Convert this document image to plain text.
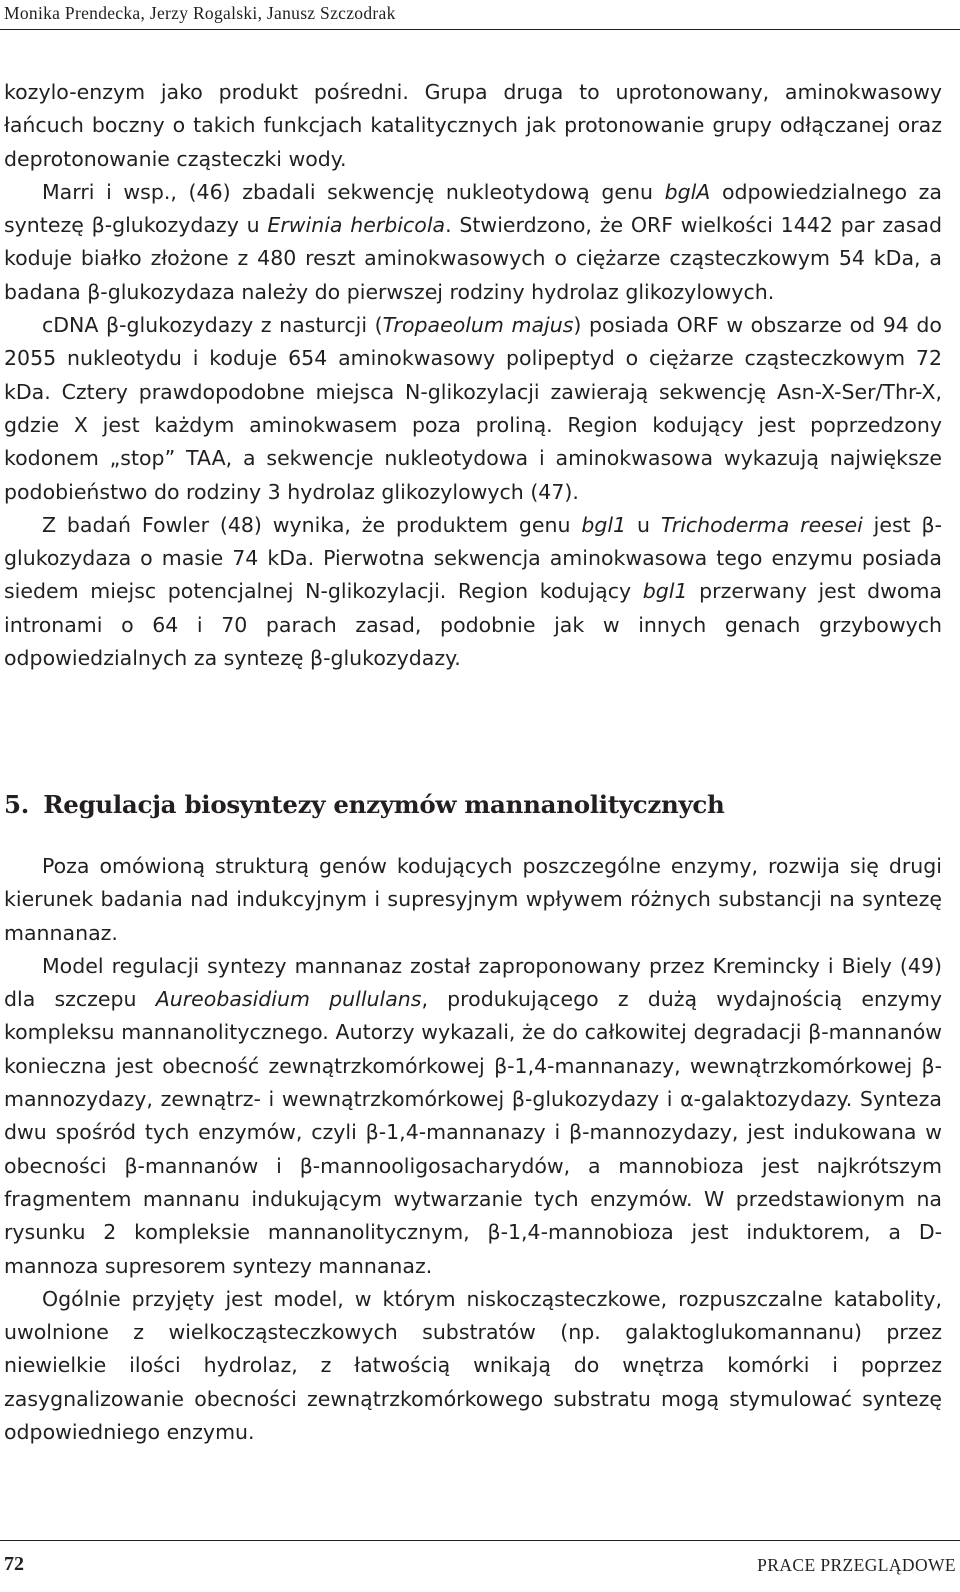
Monika Prendecka, Jerzy Rogalski, Janusz Szczodrak

kozylo-enzym jako produkt pośredni. Grupa druga to uprotonowany, aminokwasowy łańcuch boczny o takich funkcjach katalitycznych jak protonowanie grupy odłączanej oraz deprotonowanie cząsteczki wody.

Marri i wsp., (46) zbadali sekwencję nukleotydową genu bglA odpowiedzialnego za syntezę β-glukozydazy u Erwinia herbicola. Stwierdzono, że ORF wielkości 1442 par zasad koduje białko złożone z 480 reszt aminokwasowych o ciężarze cząsteczkowym 54 kDa, a badana β-glukozydaza należy do pierwszej rodziny hydrolaz glikozylowych.

cDNA β-glukozydazy z nasturcji (Tropaeolum majus) posiada ORF w obszarze od 94 do 2055 nukleotydu i koduje 654 aminokwasowy polipeptyd o ciężarze cząsteczkowym 72 kDa. Cztery prawdopodobne miejsca N-glikozylacji zawierają sekwencję Asn-X-Ser/Thr-X, gdzie X jest każdym aminokwasem poza proliną. Region kodujący jest poprzedzony kodonem „stop” TAA, a sekwencje nukleotydowa i aminokwasowa wykazują największe podobieństwo do rodziny 3 hydrolaz glikozylowych (47).

Z badań Fowler (48) wynika, że produktem genu bgl1 u Trichoderma reesei jest β-glukozydaza o masie 74 kDa. Pierwotna sekwencja aminokwasowa tego enzymu posiada siedem miejsc potencjalnej N-glikozylacji. Region kodujący bgl1 przerwany jest dwoma intronami o 64 i 70 parach zasad, podobnie jak w innych genach grzybowych odpowiedzialnych za syntezę β-glukozydazy.

5. Regulacja biosyntezy enzymów mannanolitycznych

Poza omówioną strukturą genów kodujących poszczególne enzymy, rozwija się drugi kierunek badania nad indukcyjnym i supresyjnym wpływem różnych substancji na syntezę mannanaz.

Model regulacji syntezy mannanaz został zaproponowany przez Kremincky i Biely (49) dla szczepu Aureobasidium pullulans, produkującego z dużą wydajnością enzymy kompleksu mannanolitycznego. Autorzy wykazali, że do całkowitej degradacji β-mannanów konieczna jest obecność zewnątrzkomórkowej β-1,4-mannanazy, wewnątrzkomórkowej β-mannozydazy, zewnątrz- i wewnątrzkomórkowej β-glukozydazy i α-galaktozydazy. Synteza dwu spośród tych enzymów, czyli β-1,4-mannanazy i β-mannozydazy, jest indukowana w obecności β-mannanów i β-mannooligosacharydów, a mannobioza jest najkrótszym fragmentem mannanu indukującym wytwarzanie tych enzymów. W przedstawionym na rysunku 2 kompleksie mannanolitycznym, β-1,4-mannobioza jest induktorem, a D-mannoza supresorem syntezy mannanaz.

Ogólnie przyjęty jest model, w którym niskocząsteczkowe, rozpuszczalne katabolity, uwolnione z wielkocząsteczkowych substratów (np. galaktoglukomannanu) przez niewielkie ilości hydrolaz, z łatwością wnikają do wnętrza komórki i poprzez zasygnalizowanie obecności zewnątrzkomórkowego substratu mogą stymulować syntezę odpowiedniego enzymu.

72	PRACE PRZEGLĄDOWE
